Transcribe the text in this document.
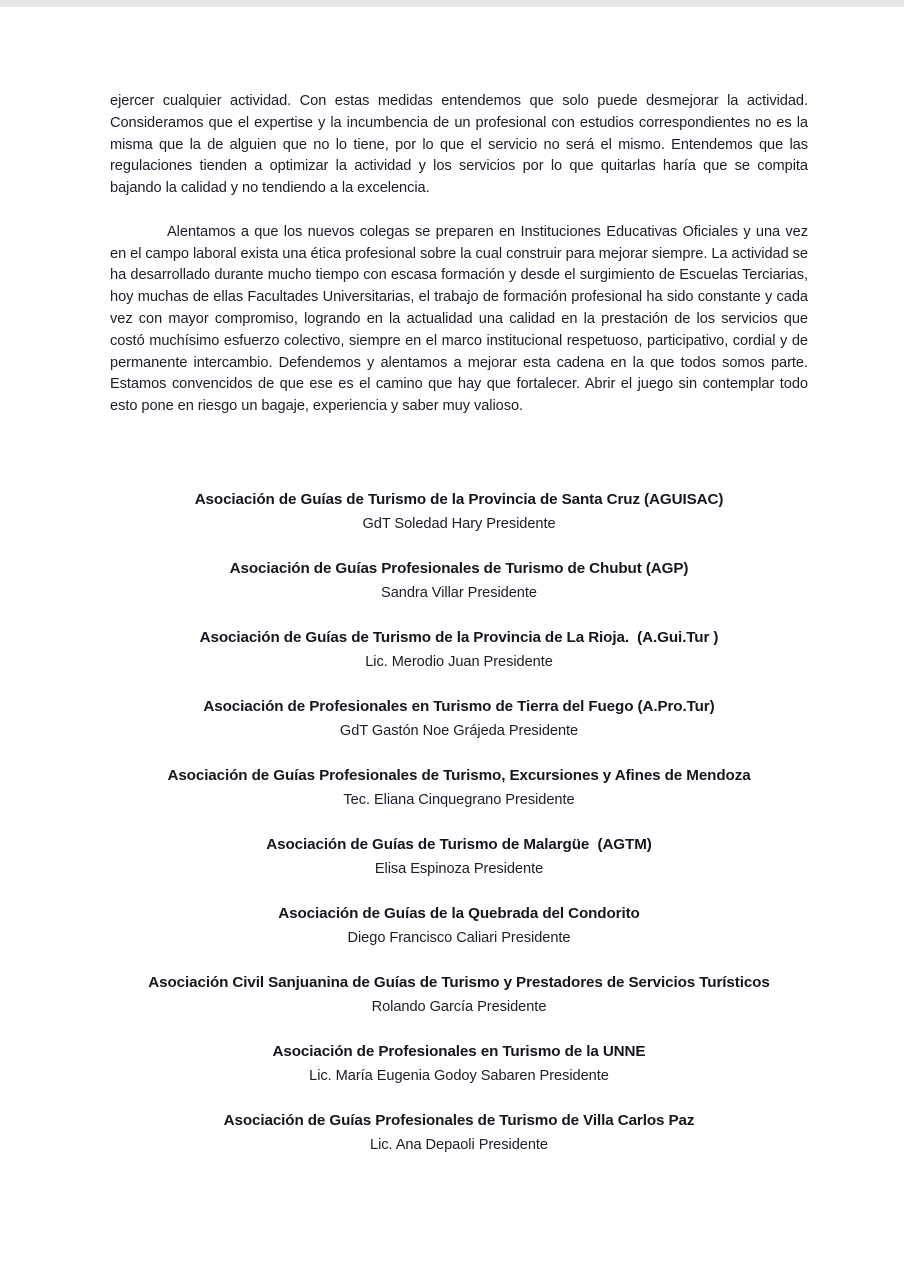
ejercer cualquier actividad. Con estas medidas entendemos que solo puede desmejorar la actividad. Consideramos que el expertise y la incumbencia de un profesional con estudios correspondientes no es la misma que la de alguien que no lo tiene, por lo que el servicio no será el mismo. Entendemos que las regulaciones tienden a optimizar la actividad y los servicios por lo que quitarlas haría que se compita bajando la calidad y no tendiendo a la excelencia.

Alentamos a que los nuevos colegas se preparen en Instituciones Educativas Oficiales y una vez en el campo laboral exista una ética profesional sobre la cual construir para mejorar siempre. La actividad se ha desarrollado durante mucho tiempo con escasa formación y desde el surgimiento de Escuelas Terciarias, hoy muchas de ellas Facultades Universitarias, el trabajo de formación profesional ha sido constante y cada vez con mayor compromiso, logrando en la actualidad una calidad en la prestación de los servicios que costó muchísimo esfuerzo colectivo, siempre en el marco institucional respetuoso, participativo, cordial y de permanente intercambio. Defendemos y alentamos a mejorar esta cadena en la que todos somos parte. Estamos convencidos de que ese es el camino que hay que fortalecer. Abrir el juego sin contemplar todo esto pone en riesgo un bagaje, experiencia y saber muy valioso.

Asociación de Guías de Turismo de la Provincia de Santa Cruz (AGUISAC)
GdT Soledad Hary Presidente
Asociación de Guías Profesionales de Turismo de Chubut (AGP)
Sandra Villar Presidente
Asociación de Guías de Turismo de la Provincia de La Rioja.  (A.Gui.Tur )
Lic. Merodio Juan Presidente
Asociación de Profesionales en Turismo de Tierra del Fuego (A.Pro.Tur)
GdT Gastón Noe Grájeda Presidente
Asociación de Guías Profesionales de Turismo, Excursiones y Afines de Mendoza
Tec. Eliana Cinquegrano Presidente
Asociación de Guías de Turismo de Malargüe  (AGTM)
Elisa Espinoza Presidente
Asociación de Guías de la Quebrada del Condorito
Diego Francisco Caliari Presidente
Asociación Civil Sanjuanina de Guías de Turismo y Prestadores de Servicios Turísticos
Rolando García Presidente
Asociación de Profesionales en Turismo de la UNNE
Lic. María Eugenia Godoy Sabaren Presidente
Asociación de Guías Profesionales de Turismo de Villa Carlos Paz
Lic. Ana Depaoli Presidente
